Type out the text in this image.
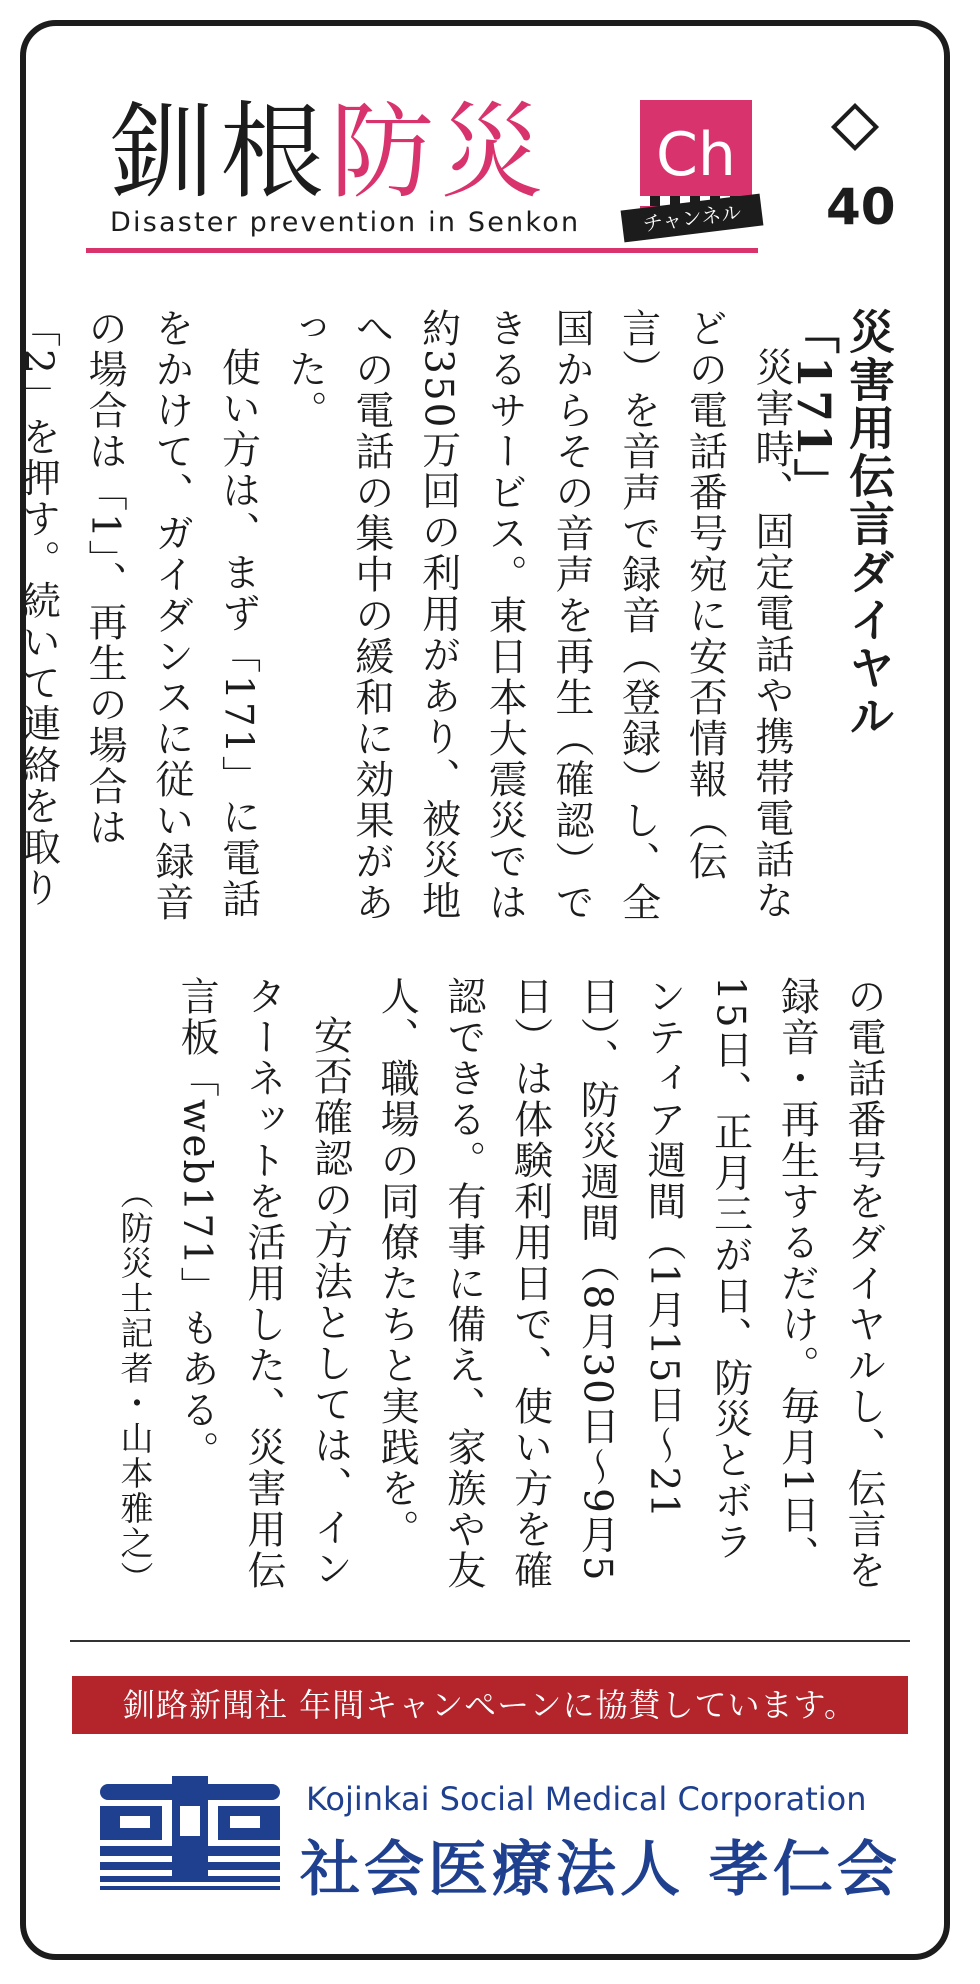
釧根防災
Disaster prevention in Senkon
Ch
チャンネル	40
災害用伝言ダイヤル「171」

災害時、固定電話や携帯電話などの電話番号宛に安否情報（伝言）を音声で録音（登録）し、全国からその音声を再生（確認）できるサービス。東日本大震災では約350万回の利用があり、被災地への電話の集中の緩和に効果があった。

使い方は、まず「171」に電話をかけて、ガイダンスに従い録音の場合は「1」、再生の場合は「2」を押す。続いて連絡を取り

の電話番号をダイヤルし、伝言を録音・再生するだけ。毎月1日、15日、正月三が日、防災とボランティア週間（1月15日〜21日）、防災週間（8月30日〜9月5日）は体験利用日で、使い方を確認できる。有事に備え、家族や友人、職場の同僚たちと実践を。

安否確認の方法としては、インターネットを活用した、災害用伝言板「web171」もある。

（防災士記者・山本雅之）
釧路新聞社 年間キャンペーンに協賛しています。
Kojinkai Social Medical Corporation
社会医療法人 孝仁会
